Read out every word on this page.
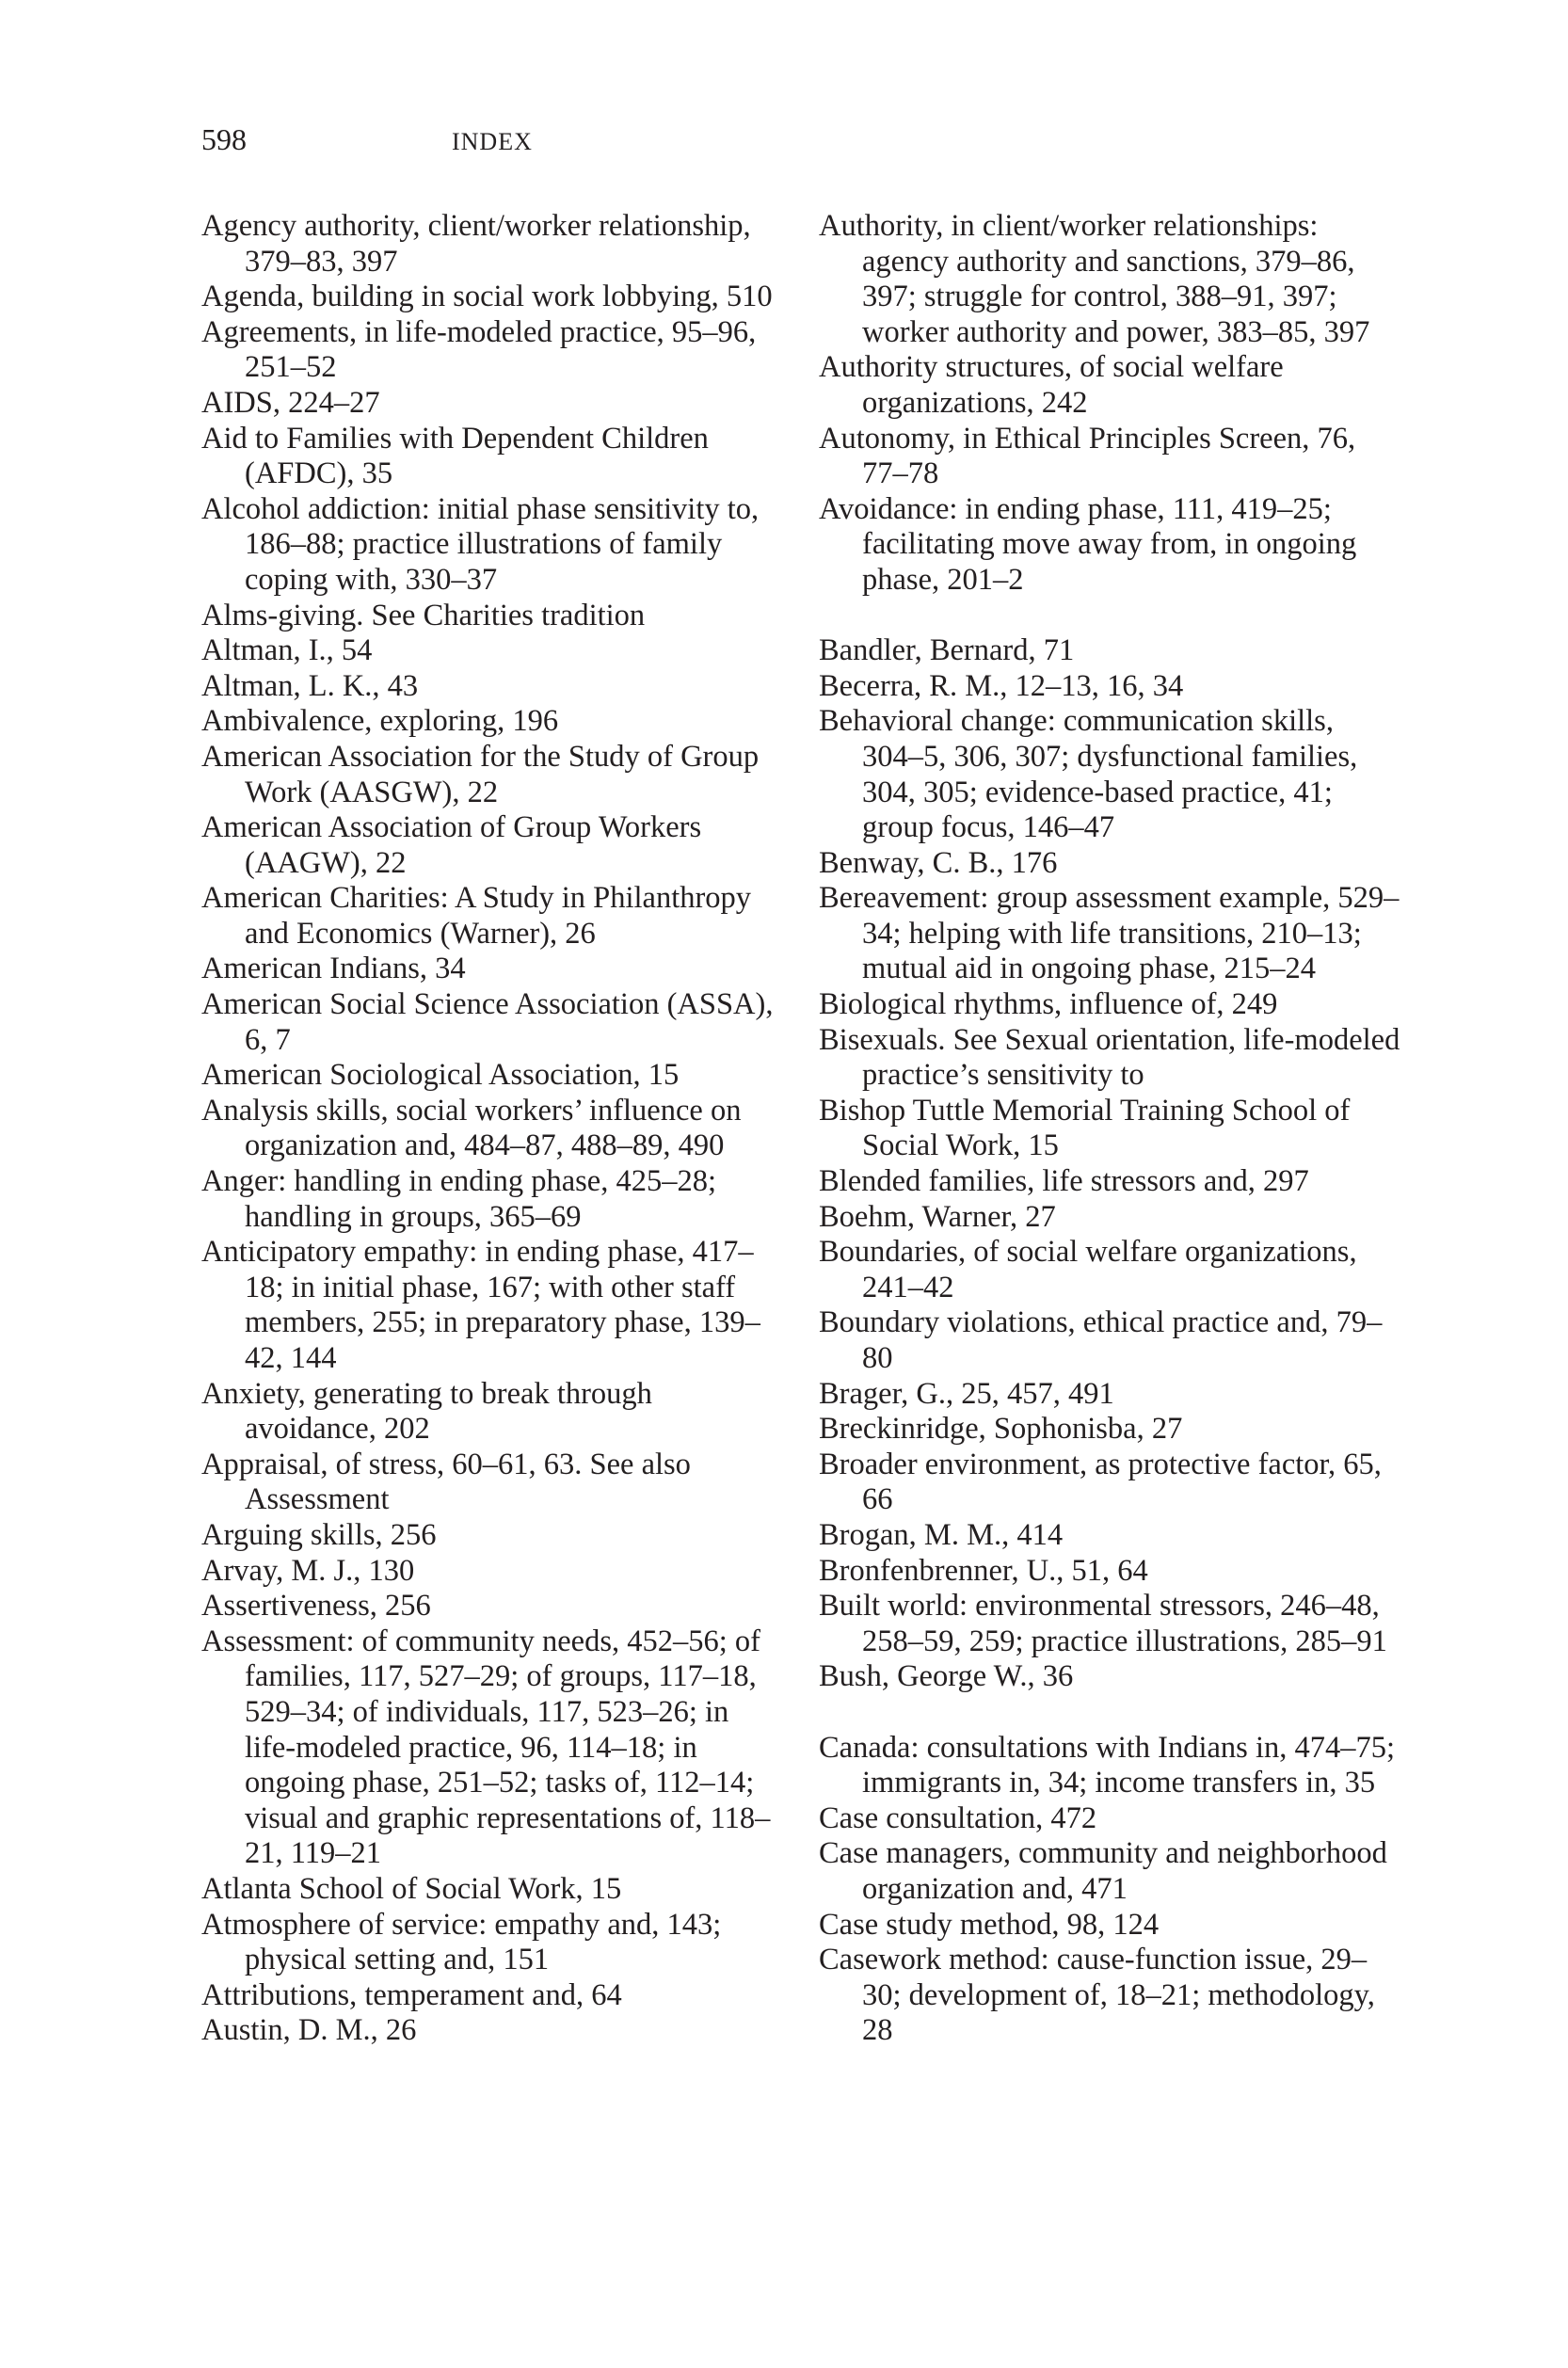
598	INDEX
Agency authority, client/worker relationship, 379–83, 397
Agenda, building in social work lobbying, 510
Agreements, in life-modeled practice, 95–96, 251–52
AIDS, 224–27
Aid to Families with Dependent Children (AFDC), 35
Alcohol addiction: initial phase sensitivity to, 186–88; practice illustrations of family coping with, 330–37
Alms-giving. See Charities tradition
Altman, I., 54
Altman, L. K., 43
Ambivalence, exploring, 196
American Association for the Study of Group Work (AASGW), 22
American Association of Group Workers (AAGW), 22
American Charities: A Study in Philanthropy and Economics (Warner), 26
American Indians, 34
American Social Science Association (ASSA), 6, 7
American Sociological Association, 15
Analysis skills, social workers’ influence on organization and, 484–87, 488–89, 490
Anger: handling in ending phase, 425–28; handling in groups, 365–69
Anticipatory empathy: in ending phase, 417–18; in initial phase, 167; with other staff members, 255; in preparatory phase, 139–42, 144
Anxiety, generating to break through avoidance, 202
Appraisal, of stress, 60–61, 63. See also Assessment
Arguing skills, 256
Arvay, M. J., 130
Assertiveness, 256
Assessment: of community needs, 452–56; of families, 117, 527–29; of groups, 117–18, 529–34; of individuals, 117, 523–26; in life-modeled practice, 96, 114–18; in ongoing phase, 251–52; tasks of, 112–14; visual and graphic representations of, 118–21, 119–21
Atlanta School of Social Work, 15
Atmosphere of service: empathy and, 143; physical setting and, 151
Attributions, temperament and, 64
Austin, D. M., 26
Authority, in client/worker relationships: agency authority and sanctions, 379–86, 397; struggle for control, 388–91, 397; worker authority and power, 383–85, 397
Authority structures, of social welfare organizations, 242
Autonomy, in Ethical Principles Screen, 76, 77–78
Avoidance: in ending phase, 111, 419–25; facilitating move away from, in ongoing phase, 201–2
Bandler, Bernard, 71
Becerra, R. M., 12–13, 16, 34
Behavioral change: communication skills, 304–5, 306, 307; dysfunctional families, 304, 305; evidence-based practice, 41; group focus, 146–47
Benway, C. B., 176
Bereavement: group assessment example, 529–34; helping with life transitions, 210–13; mutual aid in ongoing phase, 215–24
Biological rhythms, influence of, 249
Bisexuals. See Sexual orientation, life-modeled practice’s sensitivity to
Bishop Tuttle Memorial Training School of Social Work, 15
Blended families, life stressors and, 297
Boehm, Warner, 27
Boundaries, of social welfare organizations, 241–42
Boundary violations, ethical practice and, 79–80
Brager, G., 25, 457, 491
Breckinridge, Sophonisba, 27
Broader environment, as protective factor, 65, 66
Brogan, M. M., 414
Bronfenbrenner, U., 51, 64
Built world: environmental stressors, 246–48, 258–59, 259; practice illustrations, 285–91
Bush, George W., 36
Canada: consultations with Indians in, 474–75; immigrants in, 34; income transfers in, 35
Case consultation, 472
Case managers, community and neighborhood organization and, 471
Case study method, 98, 124
Casework method: cause-function issue, 29–30; development of, 18–21; methodology, 28
